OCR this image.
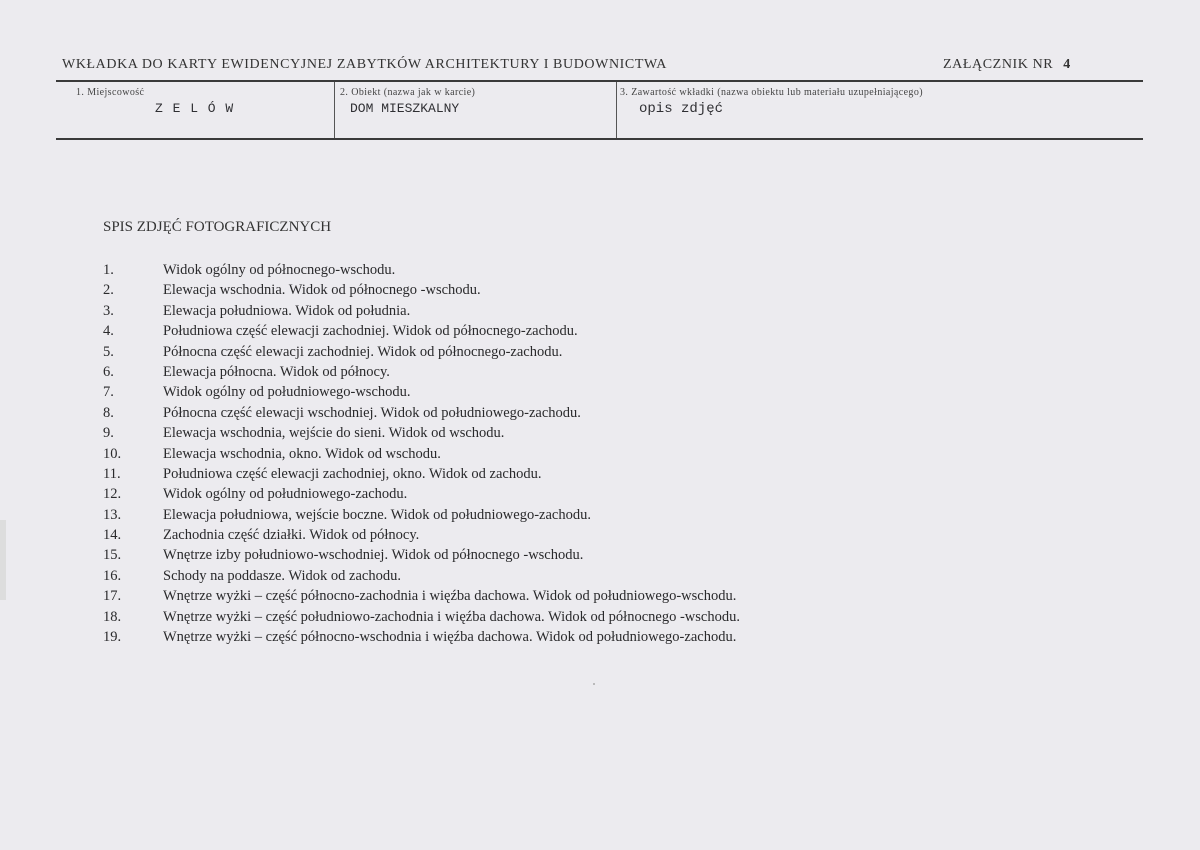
WKŁADKA DO KARTY EWIDENCYJNEJ ZABYTKÓW ARCHITEKTURY I BUDOWNICTWA	ZAŁĄCZNIK NR 4
1. Miejscowość
Z E L Ó W
2. Obiekt (nazwa jak w karcie)
DOM MIESZKALNY
3. Zawartość wkładki (nazwa obiektu lub materiału uzupełniającego)
opis zdjęć
SPIS ZDJĘĆ FOTOGRAFICZNYCH
1.	Widok ogólny od północnego-wschodu.
2.	Elewacja wschodnia. Widok od północnego -wschodu.
3.	Elewacja południowa. Widok od południa.
4.	Południowa część elewacji zachodniej. Widok od północnego-zachodu.
5.	Północna część elewacji zachodniej. Widok od północnego-zachodu.
6.	Elewacja północna. Widok od północy.
7.	Widok ogólny od południowego-wschodu.
8.	Północna część elewacji wschodniej. Widok od południowego-zachodu.
9.	Elewacja wschodnia, wejście do sieni. Widok od wschodu.
10.	Elewacja wschodnia, okno. Widok od wschodu.
11.	Południowa część elewacji zachodniej, okno. Widok od zachodu.
12.	Widok ogólny od południowego-zachodu.
13.	Elewacja południowa, wejście boczne. Widok od południowego-zachodu.
14.	Zachodnia część działki. Widok od północy.
15.	Wnętrze izby południowo-wschodniej. Widok od północnego -wschodu.
16.	Schody na poddasze. Widok od zachodu.
17.	Wnętrze wyżki – część północno-zachodnia i więźba dachowa. Widok od południowego-wschodu.
18.	Wnętrze wyżki – część południowo-zachodnia i więźba dachowa. Widok od północnego -wschodu.
19.	Wnętrze wyżki – część północno-wschodnia i więźba dachowa. Widok od południowego-zachodu.
